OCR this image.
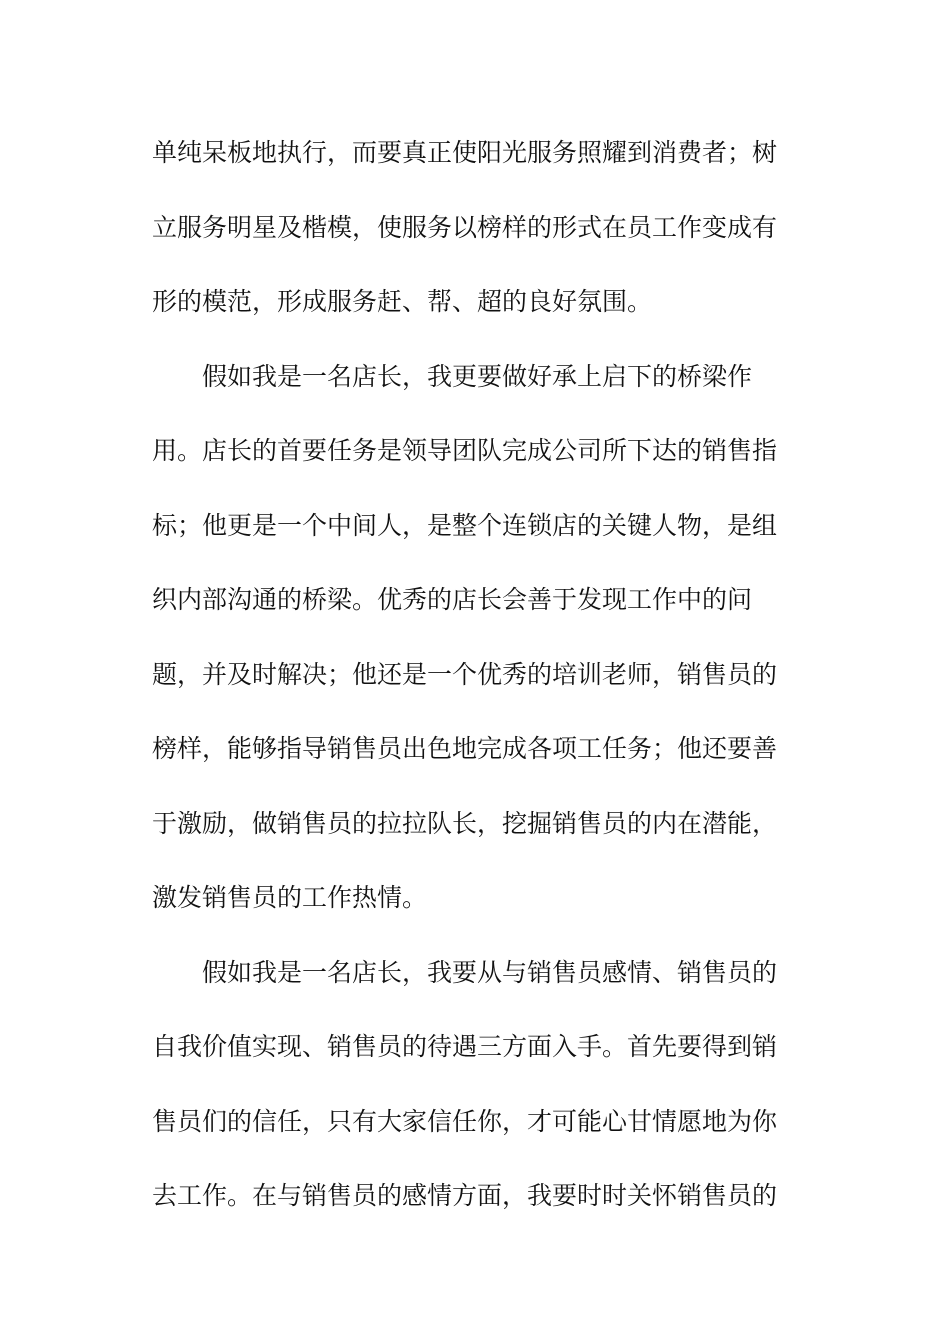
单纯呆板地执行，而要真正使阳光服务照耀到消费者；树
立服务明星及楷模，使服务以榜样的形式在员工作变成有
形的模范，形成服务赶、帮、超的良好氛围。
　　假如我是一名店长，我更要做好承上启下的桥梁作
用。店长的首要任务是领导团队完成公司所下达的销售指
标；他更是一个中间人，是整个连锁店的关键人物，是组
织内部沟通的桥梁。优秀的店长会善于发现工作中的问
题，并及时解决；他还是一个优秀的培训老师，销售员的
榜样，能够指导销售员出色地完成各项工任务；他还要善
于激励，做销售员的拉拉队长，挖掘销售员的内在潜能，
激发销售员的工作热情。
　　假如我是一名店长，我要从与销售员感情、销售员的
自我价值实现、销售员的待遇三方面入手。首先要得到销
售员们的信任，只有大家信任你，才可能心甘情愿地为你
去工作。在与销售员的感情方面，我要时时关怀销售员的
